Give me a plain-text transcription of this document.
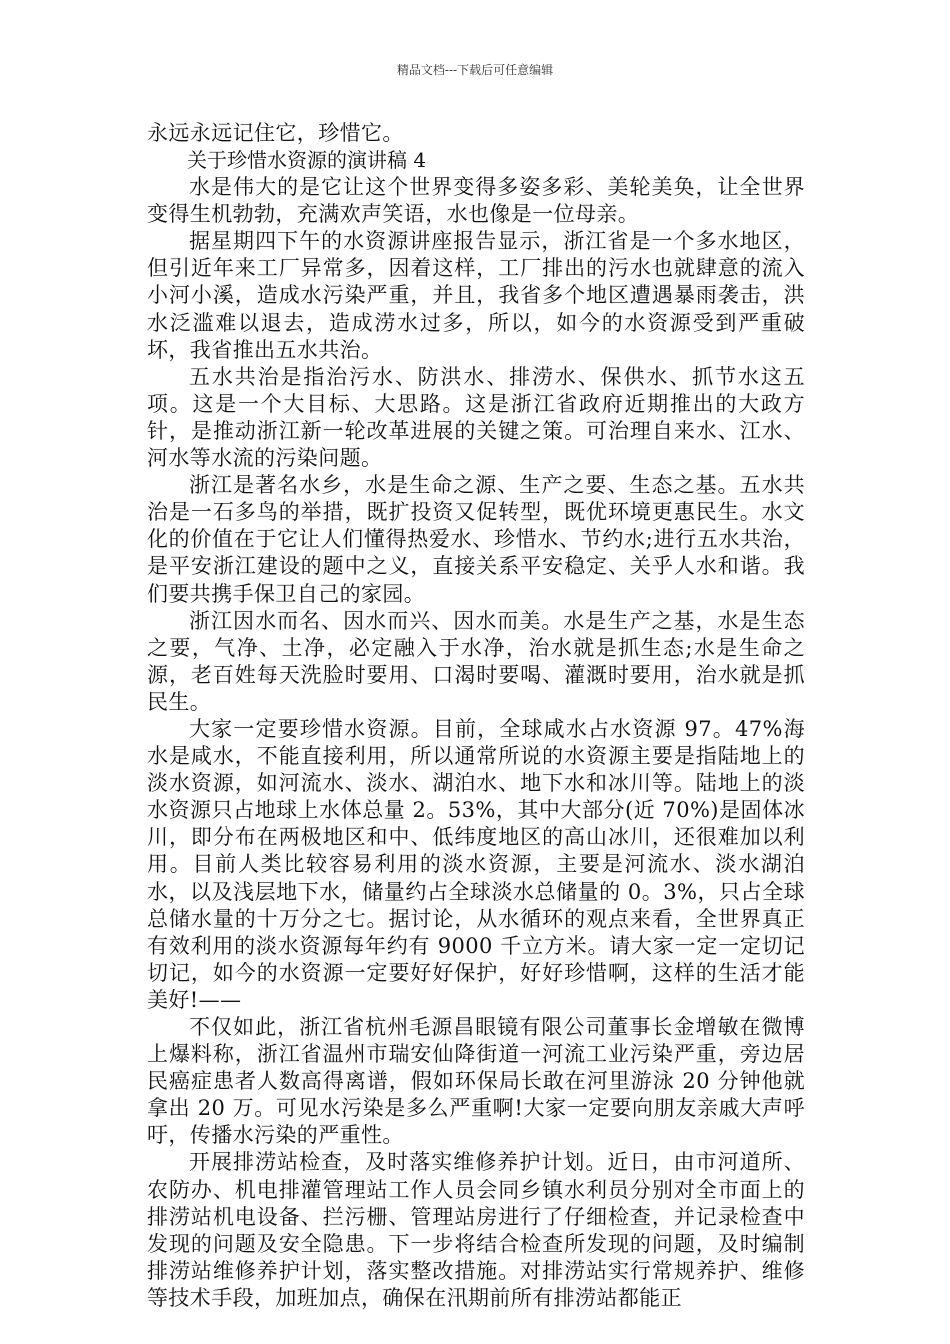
精品文档---下载后可任意编辑

永远永远记住它，珍惜它。

关于珍惜水资源的演讲稿 4

水是伟大的是它让这个世界变得多姿多彩、美轮美奂，让全世界变得生机勃勃，充满欢声笑语，水也像是一位母亲。

据星期四下午的水资源讲座报告显示，浙江省是一个多水地区，但引近年来工厂异常多，因着这样，工厂排出的污水也就肆意的流入小河小溪，造成水污染严重，并且，我省多个地区遭遇暴雨袭击，洪水泛滥难以退去，造成涝水过多，所以，如今的水资源受到严重破坏，我省推出五水共治。

五水共治是指治污水、防洪水、排涝水、保供水、抓节水这五项。这是一个大目标、大思路。这是浙江省政府近期推出的大政方针，是推动浙江新一轮改革进展的关键之策。可治理自来水、江水、河水等水流的污染问题。

浙江是著名水乡，水是生命之源、生产之要、生态之基。五水共治是一石多鸟的举措，既扩投资又促转型，既优环境更惠民生。水文化的价值在于它让人们懂得热爱水、珍惜水、节约水;进行五水共治，是平安浙江建设的题中之义，直接关系平安稳定、关乎人水和谐。我们要共携手保卫自己的家园。

浙江因水而名、因水而兴、因水而美。水是生产之基，水是生态之要，气净、土净，必定融入于水净，治水就是抓生态;水是生命之源，老百姓每天洗脸时要用、口渴时要喝、灌溉时要用，治水就是抓民生。

大家一定要珍惜水资源。目前，全球咸水占水资源 97。47%海水是咸水，不能直接利用，所以通常所说的水资源主要是指陆地上的淡水资源，如河流水、淡水、湖泊水、地下水和冰川等。陆地上的淡水资源只占地球上水体总量 2。53%，其中大部分(近 70%)是固体冰川，即分布在两极地区和中、低纬度地区的高山冰川，还很难加以利用。目前人类比较容易利用的淡水资源，主要是河流水、淡水湖泊水，以及浅层地下水，储量约占全球淡水总储量的 0。3%，只占全球总储水量的十万分之七。据讨论，从水循环的观点来看，全世界真正有效利用的淡水资源每年约有 9000 千立方米。请大家一定一定切记切记，如今的水资源一定要好好保护，好好珍惜啊，这样的生活才能美好!——

不仅如此，浙江省杭州毛源昌眼镜有限公司董事长金增敏在微博上爆料称，浙江省温州市瑞安仙降街道一河流工业污染严重，旁边居民癌症患者人数高得离谱，假如环保局长敢在河里游泳 20 分钟他就拿出 20 万。可见水污染是多么严重啊!大家一定要向朋友亲戚大声呼吁，传播水污染的严重性。

开展排涝站检查，及时落实维修养护计划。近日，由市河道所、农防办、机电排灌管理站工作人员会同乡镇水利员分别对全市面上的排涝站机电设备、拦污栅、管理站房进行了仔细检查，并记录检查中发现的问题及安全隐患。下一步将结合检查所发现的问题，及时编制排涝站维修养护计划，落实整改措施。对排涝站实行常规养护、维修等技术手段，加班加点，确保在汛期前所有排涝站都能正
